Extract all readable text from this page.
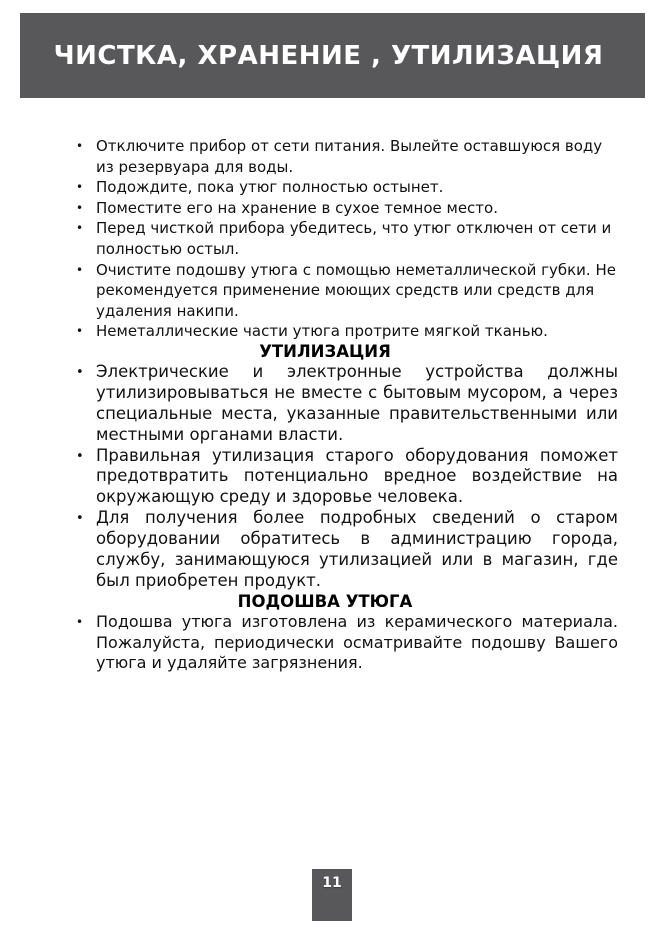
ЧИСТКА, ХРАНЕНИЕ , УТИЛИЗАЦИЯ
• Отключите прибор от сети питания. Вылейте оставшуюся воду из резервуара для воды.
• Подождите, пока утюг полностью остынет.
• Поместите его на хранение в сухое темное место.
• Перед чисткой прибора убедитесь, что утюг отключен от сети и полностью остыл.
• Очистите подошву утюга с помощью неметаллической губки. Не рекомендуется применение моющих средств или средств для удаления накипи.
• Неметаллические части утюга протрите мягкой тканью.
УТИЛИЗАЦИЯ
• Электрические и электронные устройства должны утилизировываться не вместе с бытовым мусором, а через специальные места, указанные правительственными или местными органами власти.
• Правильная утилизация старого оборудования поможет предотвратить потенциально вредное воздействие на окружающую среду и здоровье человека.
• Для получения более подробных сведений о старом оборудовании обратитесь в администрацию города, службу, занимающуюся утилизацией или в магазин, где был приобретен продукт.
ПОДОШВА УТЮГА
• Подошва утюга изготовлена из керамического материала. Пожалуйста, периодически осматривайте подошву Вашего утюга и удаляйте загрязнения.
11
